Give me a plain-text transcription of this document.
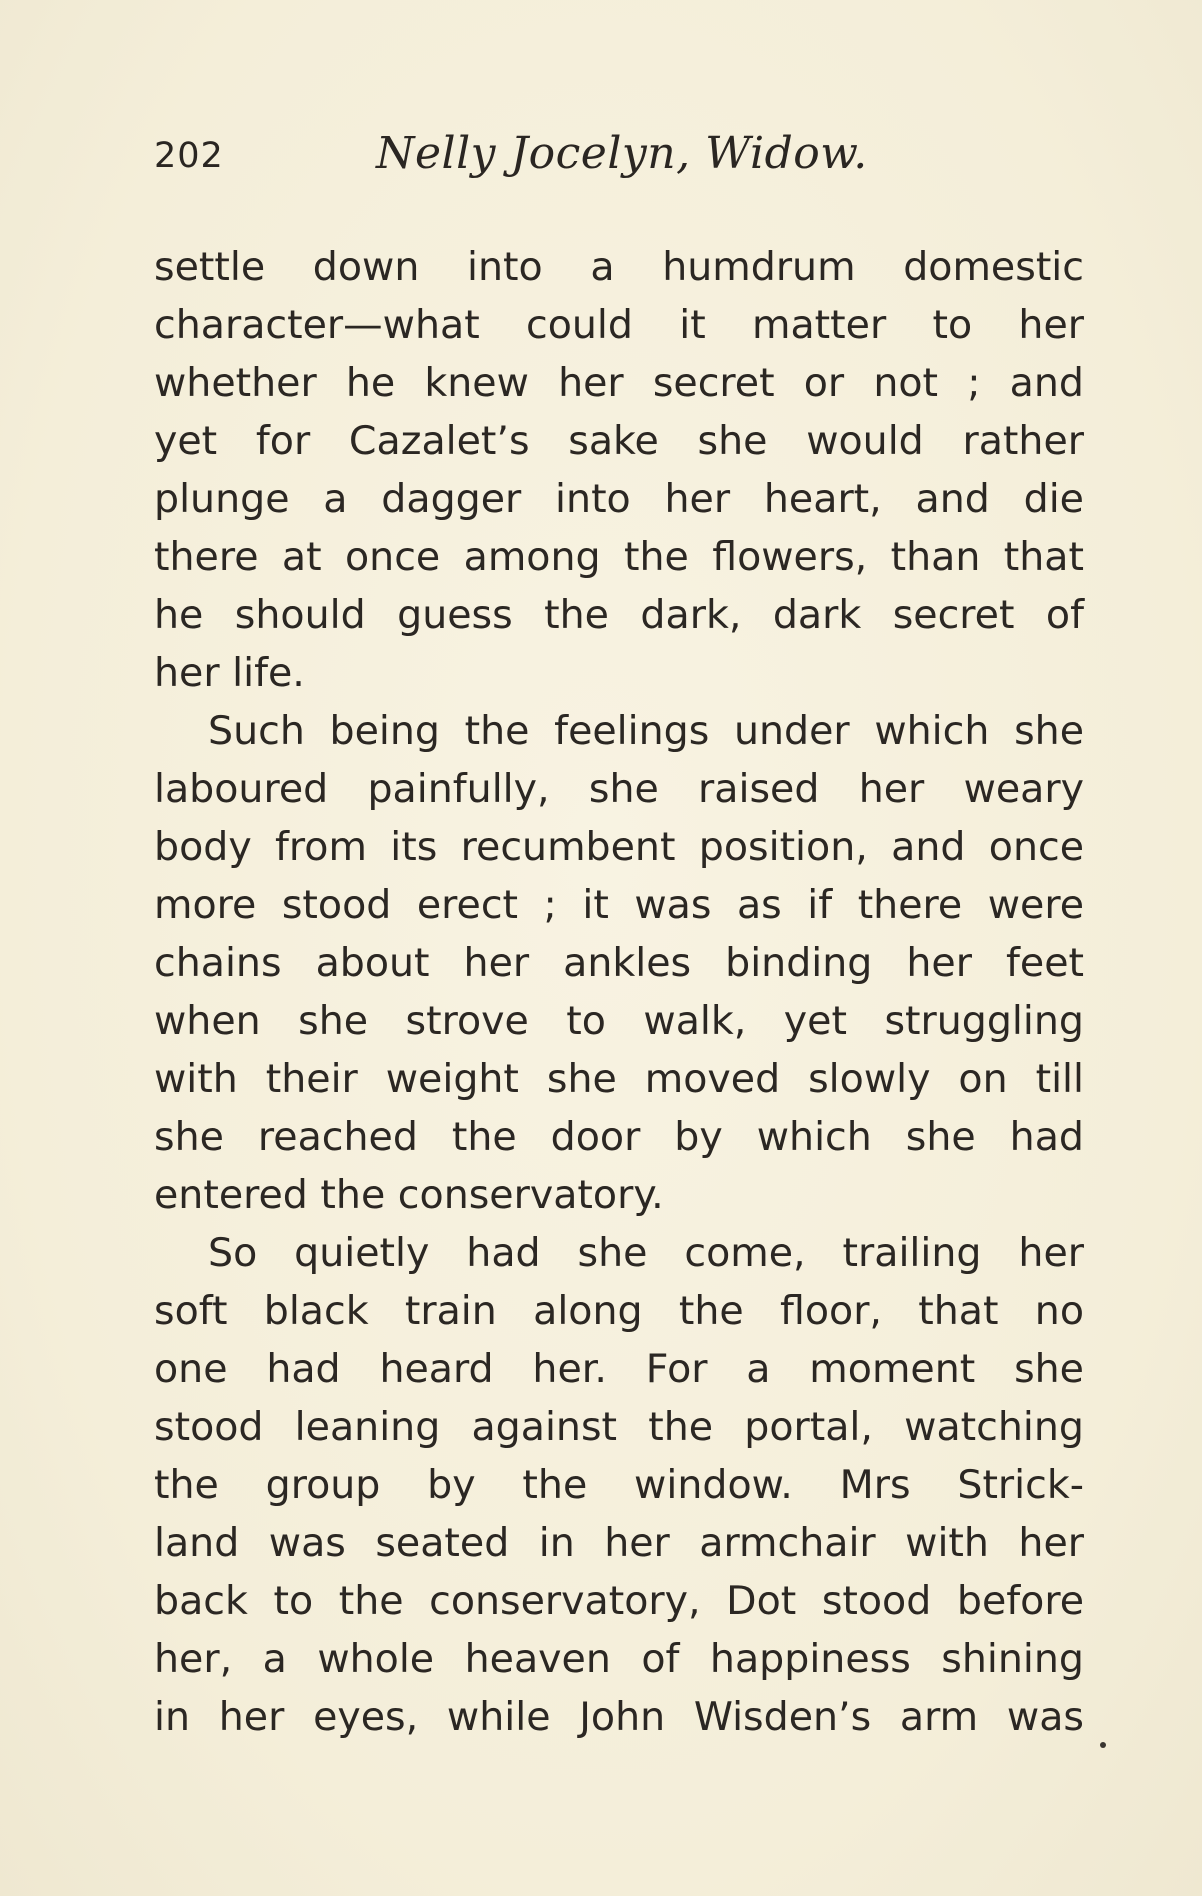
202	Nelly Jocelyn, Widow.
settle down into a humdrum domestic
character—what could it matter to her
whether he knew her secret or not ; and
yet for Cazalet’s sake she would rather
plunge a dagger into her heart, and die
there at once among the flowers, than that
he should guess the dark, dark secret of
her life.
Such being the feelings under which she
laboured painfully, she raised her weary
body from its recumbent position, and once
more stood erect ; it was as if there were
chains about her ankles binding her feet
when she strove to walk, yet struggling
with their weight she moved slowly on till
she reached the door by which she had
entered the conservatory.
So quietly had she come, trailing her
soft black train along the floor, that no
one had heard her. For a moment she
stood leaning against the portal, watching
the group by the window. Mrs Strick-
land was seated in her armchair with her
back to the conservatory, Dot stood before
her, a whole heaven of happiness shining
in her eyes, while John Wisden’s arm was
